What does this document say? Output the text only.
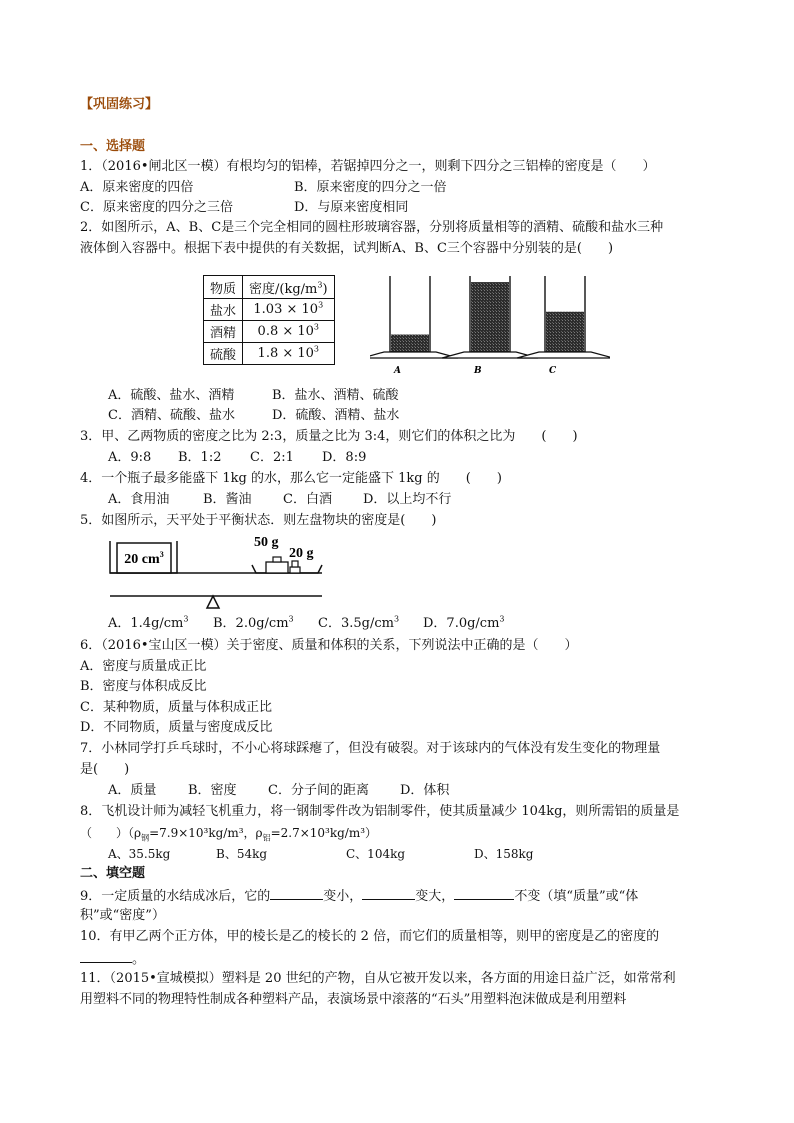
【巩固练习】
一、选择题
1．（2016•闸北区一模）有根均匀的铝棒，若锯掉四分之一，则剩下四分之三铝棒的密度是（　　）
A．原来密度的四倍	B．原来密度的四分之一倍
C．原来密度的四分之三倍	D．与原来密度相同
2．如图所示，A、B、C是三个完全相同的圆柱形玻璃容器，分别将质量相等的酒精、硫酸和盐水三种
液体倒入容器中。根据下表中提供的有关数据，试判断A、B、C三个容器中分别装的是(　　)
物质	密度$/(kg/m^3)$
盐水	$1.03 \times 10^3$
酒精	$0.8 \times 10^3$
硫酸	$1.8 \times 10^3$
A	B	C
A．硫酸、盐水、酒精	B．盐水、酒精、硫酸
C．酒精、硫酸、盐水	D．硫酸、酒精、盐水
3．甲、乙两物质的密度之比为 2:3，质量之比为 3:4，则它们的体积之比为　　(　　)
A．9:8 B．1:2 C．2:1 D．8:9
4．一个瓶子最多能盛下 1kg 的水，那么它一定能盛下 1kg 的　　(　　)
A．食用油	B．酱油 C．白酒 D．以上均不行
5．如图所示，天平处于平衡状态．则左盘物块的密度是(　　)
20 $cm^3$
50 g
20 g
A．$1.4g/cm^3$ B．$2.0g/cm^3$ C．$3.5g/cm^3$ D．$7.0g/cm^3$
6．（2016•宝山区一模）关于密度、质量和体积的关系，下列说法中正确的是（　　）
A．密度与质量成正比
B．密度与体积成反比
C．某种物质，质量与体积成正比
D．不同物质，质量与密度成反比
7．小林同学打乒乓球时，不小心将球踩瘪了，但没有破裂。对于该球内的气体没有发生变化的物理量
是(　　)
A．质量 B．密度 C．分子间的距离 D．体积
8．飞机设计师为减轻飞机重力，将一钢制零件改为铝制零件，使其质量减少 104kg，则所需铝的质量是
（　　）（$\rho_钢=7.9\times 10^3kg/m^3$，$\rho_铝=2.7\times 10^3kg/m^3$）
A、35.5kg	B、54kg	C、104kg	D、158kg
二、填空题
9．一定质量的水结成冰后，它的	变小，	变大，	不变（填“质量”或“体
积”或“密度”）
10．有甲乙两个正方体，甲的棱长是乙的棱长的 2 倍，而它们的质量相等，则甲的密度是乙的密度的
。
11．（2015•宣城模拟）塑料是 20 世纪的产物，自从它被开发以来，各方面的用途日益广泛，如常常利
用塑料不同的物理特性制成各种塑料产品，表演场景中滚落的“石头”用塑料泡沫做成是利用塑料
